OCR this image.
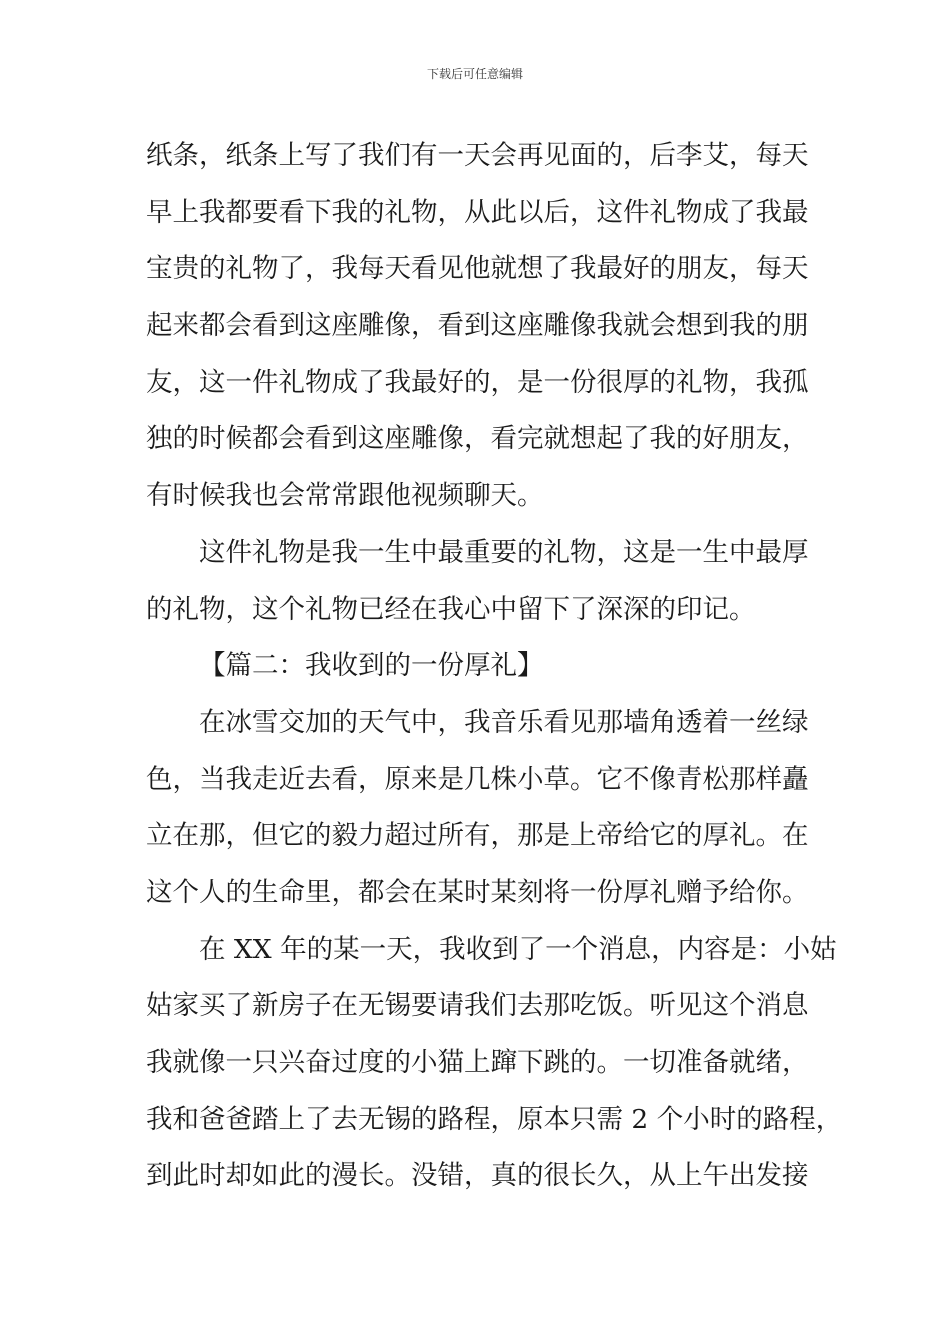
下载后可任意编辑
纸条，纸条上写了我们有一天会再见面的，后李艾，每天
早上我都要看下我的礼物，从此以后，这件礼物成了我最
宝贵的礼物了，我每天看见他就想了我最好的朋友，每天
起来都会看到这座雕像，看到这座雕像我就会想到我的朋
友，这一件礼物成了我最好的，是一份很厚的礼物，我孤
独的时候都会看到这座雕像，看完就想起了我的好朋友，
有时候我也会常常跟他视频聊天。
这件礼物是我一生中最重要的礼物，这是一生中最厚
的礼物，这个礼物已经在我心中留下了深深的印记。
【篇二：我收到的一份厚礼】
在冰雪交加的天气中，我音乐看见那墙角透着一丝绿
色，当我走近去看，原来是几株小草。它不像青松那样矗
立在那，但它的毅力超过所有，那是上帝给它的厚礼。在
这个人的生命里，都会在某时某刻将一份厚礼赠予给你。
在 XX 年的某一天，我收到了一个消息，内容是：小姑
姑家买了新房子在无锡要请我们去那吃饭。听见这个消息
我就像一只兴奋过度的小猫上蹿下跳的。一切准备就绪，
我和爸爸踏上了去无锡的路程，原本只需 2 个小时的路程，
到此时却如此的漫长。没错，真的很长久，从上午出发接
